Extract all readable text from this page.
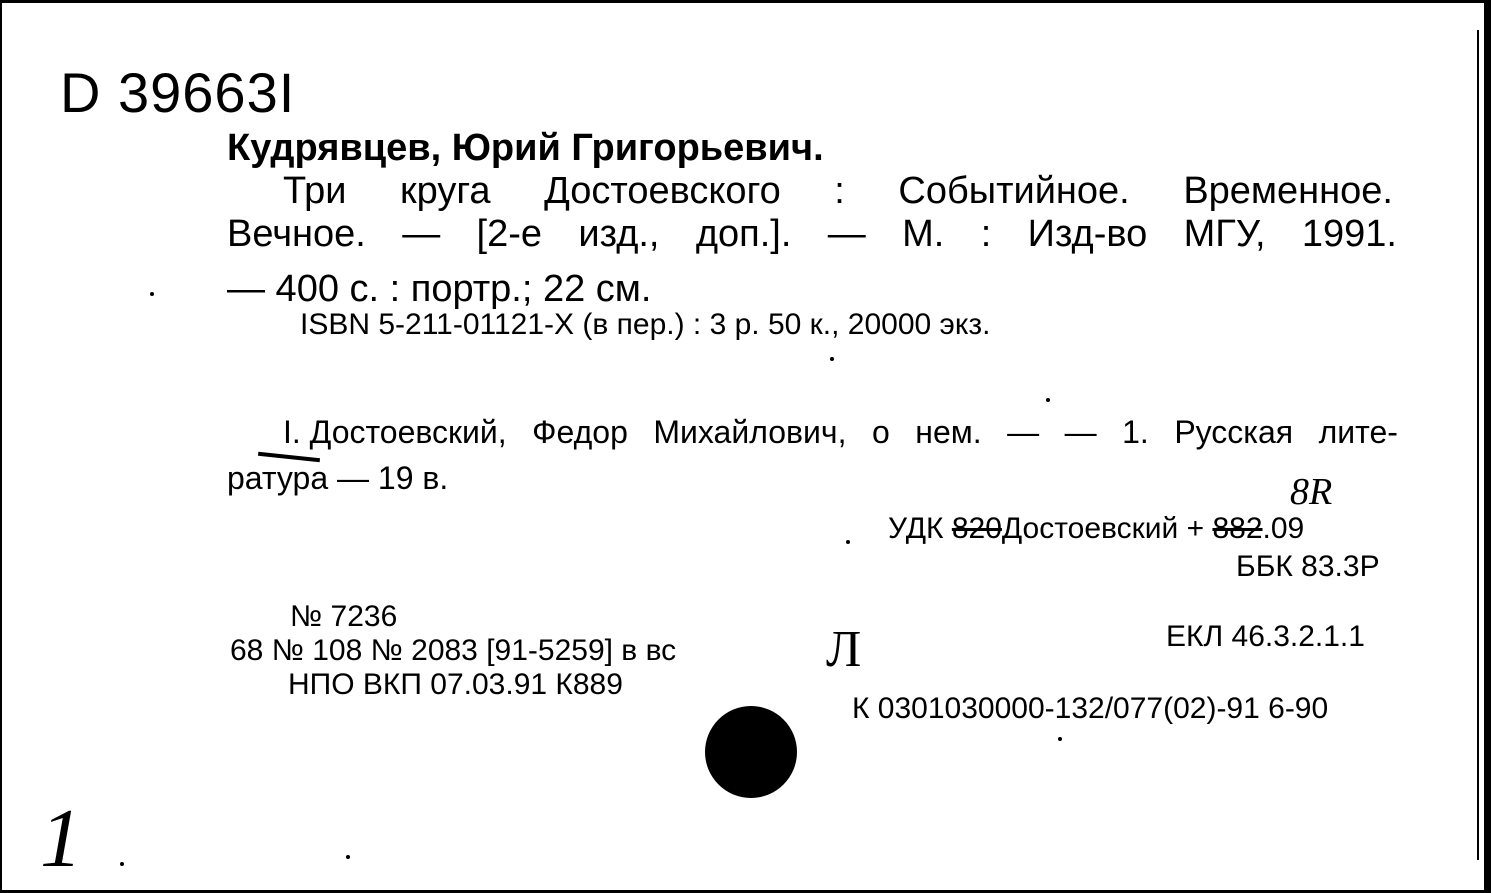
D 39663I
Кудрявцев, Юрий Григорьевич.
Три круга Достоевского : Событийное. Временное.
Вечное. — [2-е изд., доп.]. — М. : Изд-во МГУ, 1991.
— 400 с. : портр.; 22 см.
ISBN 5-211-01121-X (в пер.) : 3 р. 50 к., 20000 экз.
I. Достоевский, Федор Михайлович, о нем. — — 1. Русская лите-
ратура — 19 в.	8R
УДК 820Достоевский + 882.09
ББК 83.3Р
ЕКЛ 46.3.2.1.1
К 0301030000-132/077(02)-91 6-90
№ 7236
68 № 108 № 2083 [91-5259] в вс
НПО ВКП 07.03.91 К889
Л
1
